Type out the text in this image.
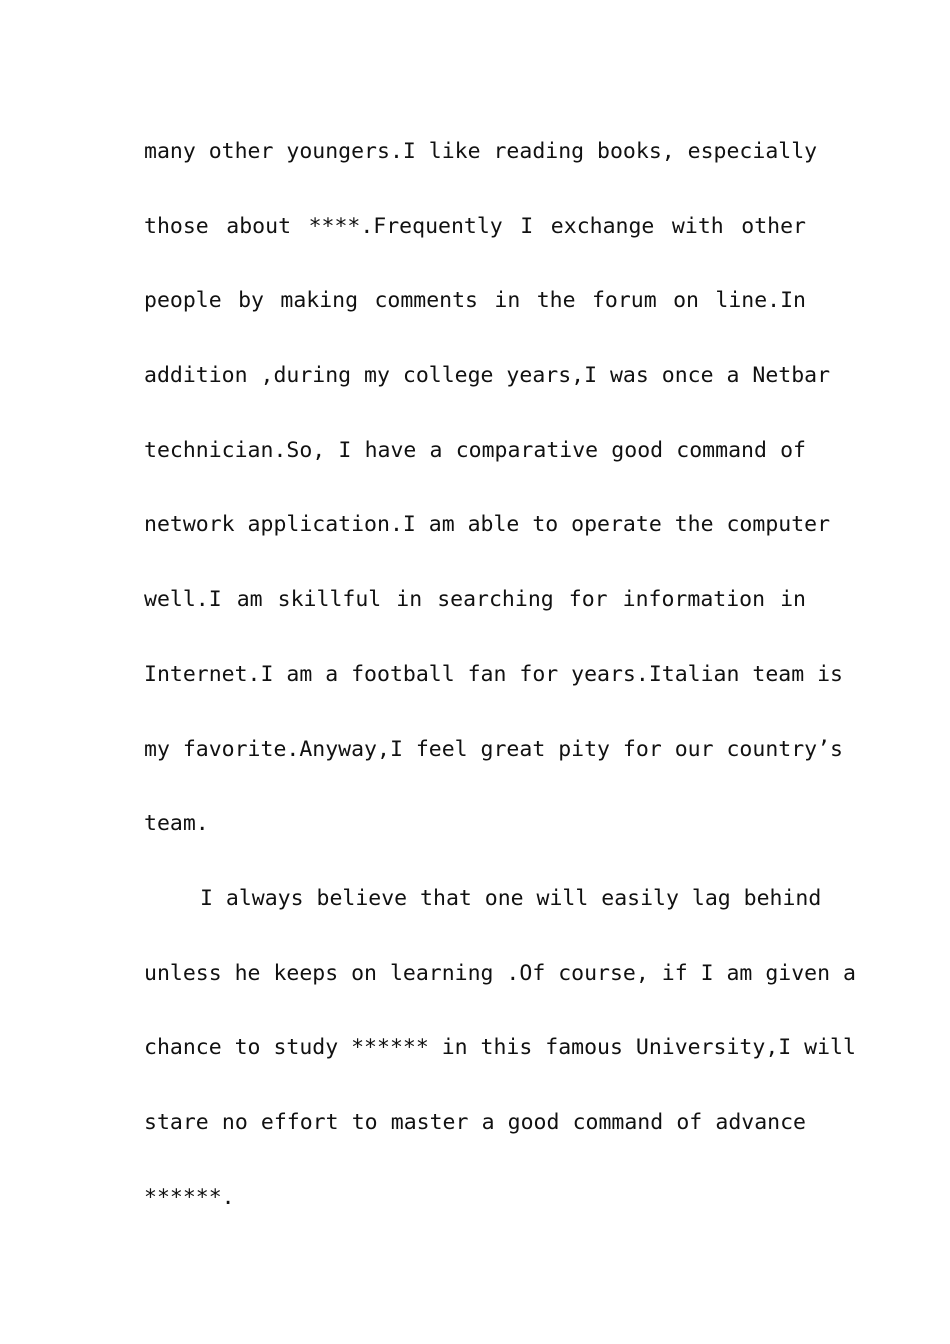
many other youngers.I like reading books, especially
those about ****.Frequently I exchange with other
people by making comments in the forum on line.In
addition ,during my college years,I was once a Netbar
technician.So, I have a comparative good command of
network application.I am able to operate the computer
well.I am skillful in searching for information in
Internet.I am a football fan for years.Italian team is
my favorite.Anyway,I feel great pity for our country’s
team.
I always believe that one will easily lag behind
unless he keeps on learning .Of course, if I am given a
chance to study ****** in this famous University,I will
stare no effort to master a good command of advance
******.
